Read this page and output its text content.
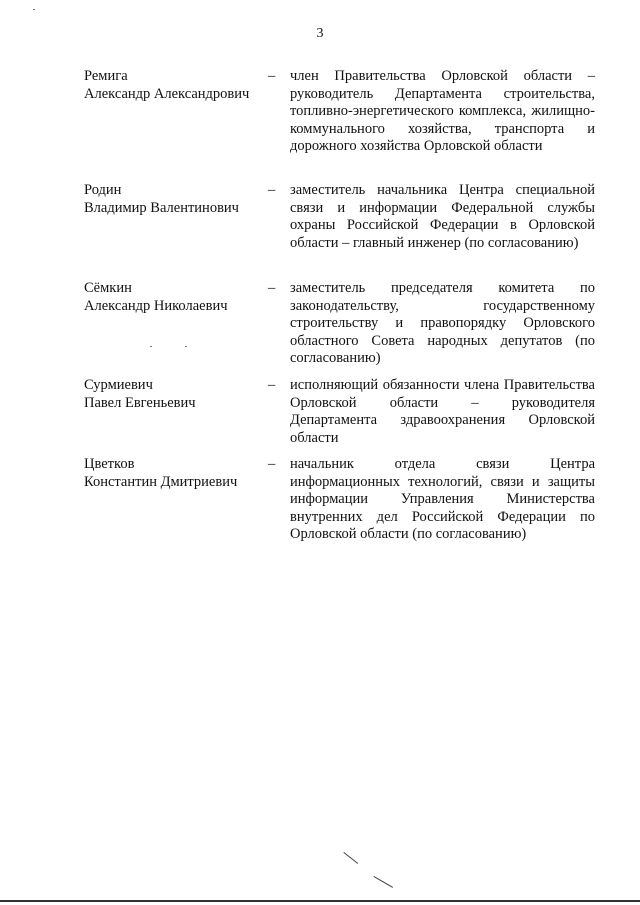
3
Ремига
Александр Александрович
–	член Правительства Орловской области – руководитель Департамента строительства, топливно-энергетического комплекса, жилищно-коммунального хозяйства, транспорта и дорожного хозяйства Орловской области
Родин
Владимир Валентинович
–	заместитель начальника Центра специальной связи и информации Федеральной службы охраны Российской Федерации в Орловской области – главный инженер (по согласованию)
Сёмкин
Александр Николаевич
–	заместитель председателя комитета по законодательству, государственному строительству и правопорядку Орловского областного Совета народных депутатов (по согласованию)
Сурмиевич
Павел Евгеньевич
–	исполняющий обязанности члена Правительства Орловской области – руководителя Департамента здравоохранения Орловской области
Цветков
Константин Дмитриевич
–	начальник отдела связи Центра информационных технологий, связи и защиты информации Управления Министерства внутренних дел Российской Федерации по Орловской области (по согласованию)
